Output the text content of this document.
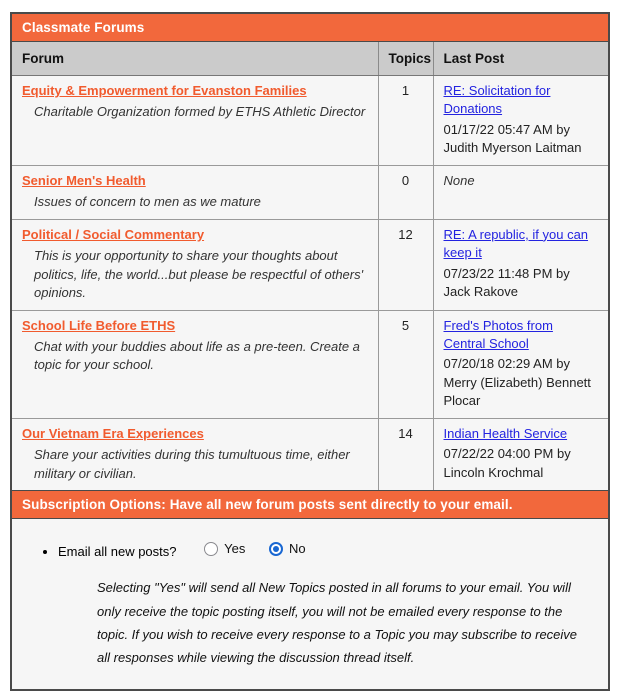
Classmate Forums
Forum	Topics	Last Post
Equity & Empowerment for Evanston Families
Charitable Organization formed by ETHS Athletic Director	1	RE: Solicitation for Donations
01/17/22 05:47 AM by Judith Myerson Laitman

Senior Men's Health
Issues of concern to men as we mature	0	None

Political / Social Commentary
This is your opportunity to share your thoughts about politics, life, the world...but please be respectful of others' opinions.	12	RE: A republic, if you can keep it
07/23/22 11:48 PM by Jack Rakove

School Life Before ETHS
Chat with your buddies about life as a pre-teen. Create a topic for your school.	5	Fred's Photos from Central School
07/20/18 02:29 AM by Merry (Elizabeth) Bennett Plocar

Our Vietnam Era Experiences
Share your activities during this tumultuous time, either military or civilian.	14	Indian Health Service
07/22/22 04:00 PM by Lincoln Krochmal
Subscription Options: Have all new forum posts sent directly to your email.
• Email all new posts?	Yes
	No

Selecting "Yes" will send all New Topics posted in all forums to your email. You will only receive the topic posting itself, you will not be emailed every response to the topic. If you wish to receive every response to a Topic you may subscribe to receive all responses while viewing the discussion thread itself.
